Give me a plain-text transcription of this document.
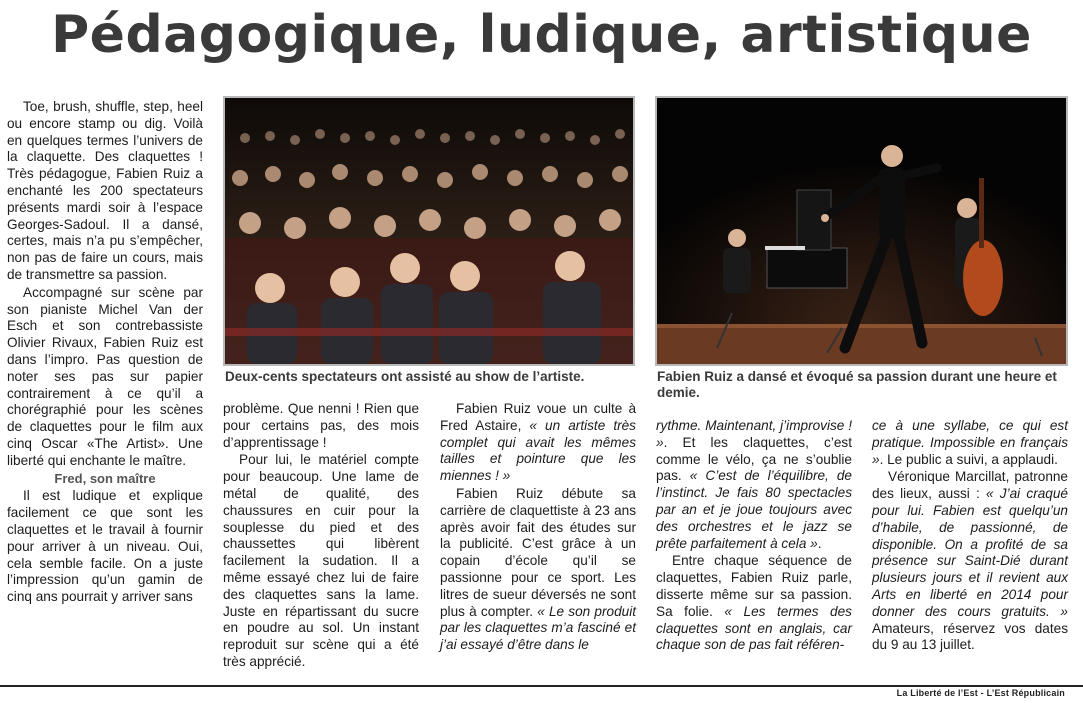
Pédagogique, ludique, artistique
Deux-cents spectateurs ont assisté au show de l’artiste.	Fabien Ruiz a dansé et évoqué sa passion durant une heure et demie.

Toe, brush, shuffle, step, heel ou encore stamp ou dig. Voilà en quelques termes l’univers de la claquette. Des claquettes ! Très pédagogue, Fabien Ruiz a enchanté les 200 spectateurs présents mardi soir à l’espace Georges-Sadoul. Il a dansé, certes, mais n’a pu s’empêcher, non pas de faire un cours, mais de transmettre sa passion.

Accompagné sur scène par son pianiste Michel Van der Esch et son contrebassiste Olivier Rivaux, Fabien Ruiz est dans l’impro. Pas question de noter ses pas sur papier contrairement à ce qu’il a chorégraphié pour les scènes de claquettes pour le film aux cinq Oscar «The Artist». Une liberté qui enchante le maître.

Fred, son maître

Il est ludique et explique facilement ce que sont les claquettes et le travail à fournir pour arriver à un niveau. Oui, cela semble facile. On a juste l’impression qu’un gamin de cinq ans pourrait y arriver sans

problème. Que nenni ! Rien que pour certains pas, des mois d’apprentissage !

Pour lui, le matériel compte pour beaucoup. Une lame de métal de qualité, des chaussures en cuir pour la souplesse du pied et des chaussettes qui libèrent facilement la sudation. Il a même essayé chez lui de faire des claquettes sans la lame. Juste en répartissant du sucre en poudre au sol. Un instant reproduit sur scène qui a été très apprécié.

Fabien Ruiz voue un culte à Fred Astaire, « un artiste très complet qui avait les mêmes tailles et pointure que les miennes ! »

Fabien Ruiz débute sa carrière de claquettiste à 23 ans après avoir fait des études sur la publicité. C’est grâce à un copain d’école qu’il se passionne pour ce sport. Les litres de sueur déversés ne sont plus à compter. « Le son produit par les claquettes m’a fasciné et j’ai essayé d’être dans le

rythme. Maintenant, j’improvise ! ». Et les claquettes, c’est comme le vélo, ça ne s’oublie pas. « C’est de l’équilibre, de l’instinct. Je fais 80 spectacles par an et je joue toujours avec des orchestres et le jazz se prête parfaitement à cela ».

Entre chaque séquence de claquettes, Fabien Ruiz parle, disserte même sur sa passion. Sa folie. « Les termes des claquettes sont en anglais, car chaque son de pas fait référen-

ce à une syllabe, ce qui est pratique. Impossible en français ». Le public a suivi, a applaudi.

Véronique Marcillat, patronne des lieux, aussi : « J’ai craqué pour lui. Fabien est quelqu’un d’habile, de passionné, de disponible. On a profité de sa présence sur Saint-Dié durant plusieurs jours et il revient aux Arts en liberté en 2014 pour donner des cours gratuits. » Amateurs, réservez vos dates du 9 au 13 juillet.

La Liberté de l’Est - L’Est Républicain
